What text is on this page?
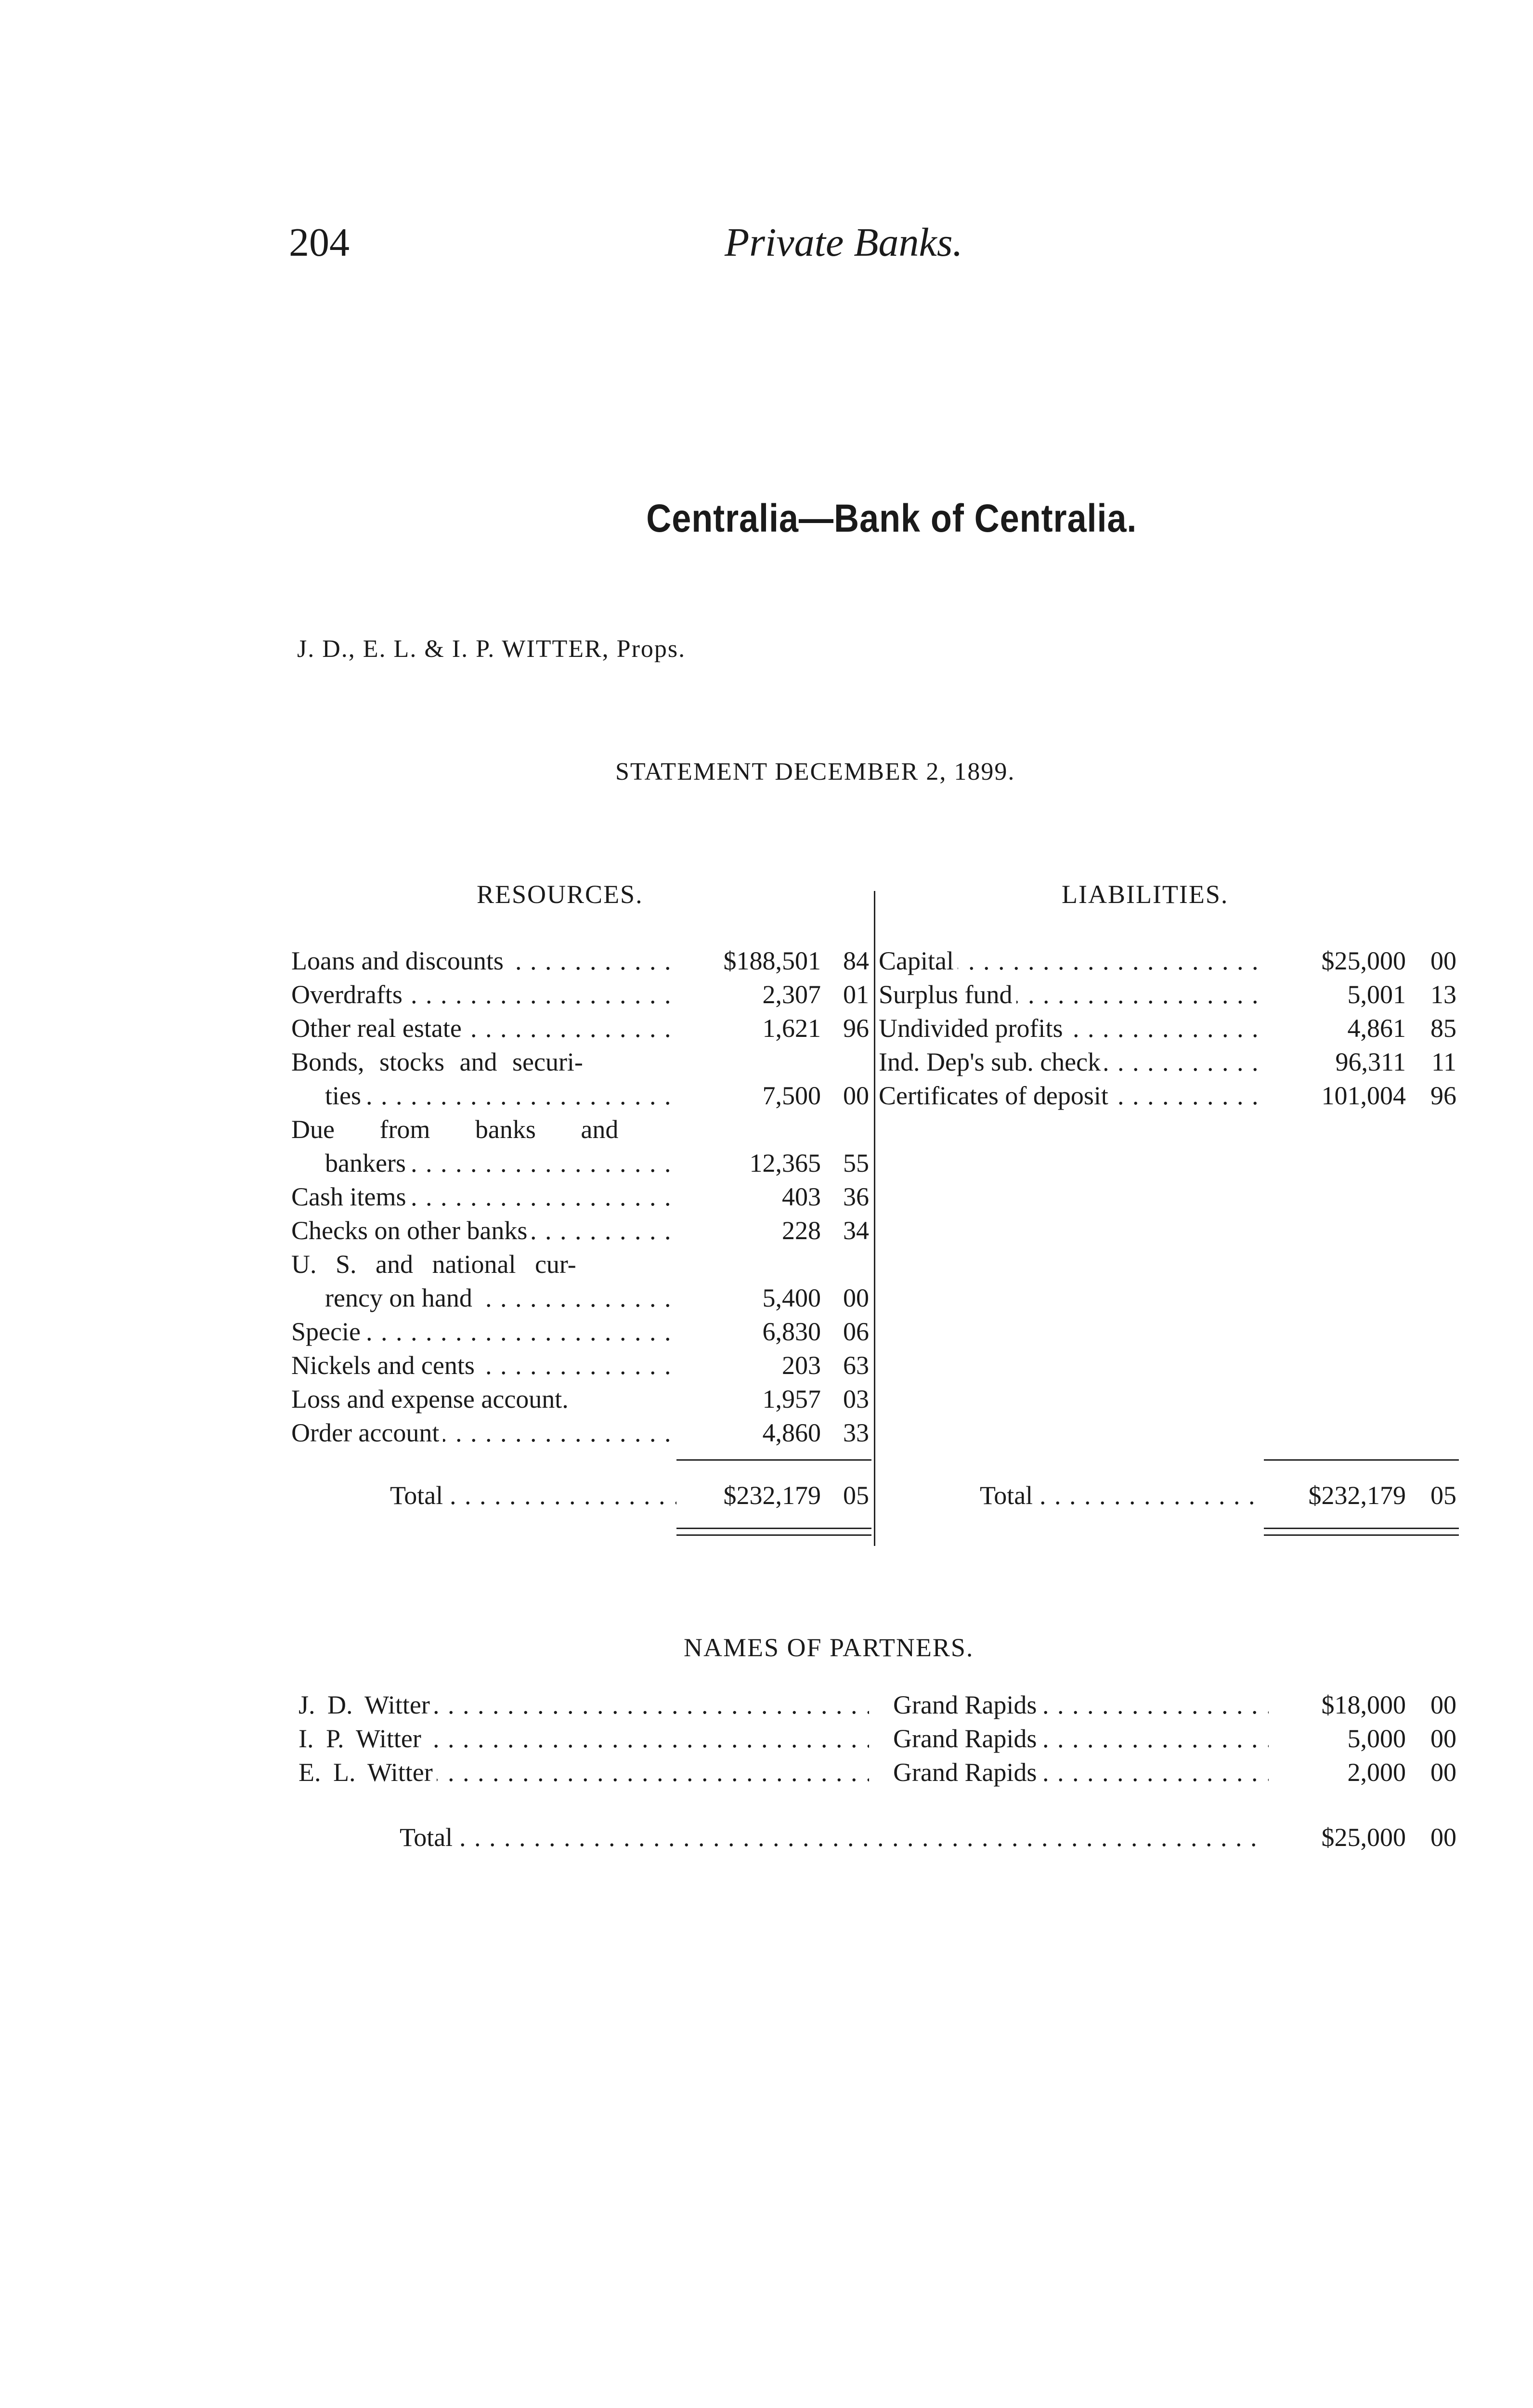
204	Private Banks.
Centralia—Bank of Centralia.
J. D., E. L. & I. P. WITTER, Props.
STATEMENT DECEMBER 2, 1899.
RESOURCES.	LIABILITIES.
Loans and discounts . . .	$188,501 84
Overdrafts . . .	2,307 01
Other real estate . . .	1,621 96
Bonds, stocks and securi-
ties . . .	7,500 00
Due from banks and
bankers . . .	12,365 55
Cash items . . .	403 36
Checks on other banks . . .	228 34
U. S. and national cur-
rency on hand . . .	5,400 00
Specie . . .	6,830 06
Nickels and cents . . .	203 63
Loss and expense account.	1,957 03
Order account . . .	4,860 33
Total . . .	$232,179 05
Capital . . .	$25,000 00
Surplus fund . . .	5,001 13
Undivided profits . . .	4,861 85
Ind. Dep's sub. check . . .	96,311 11
Certificates of deposit . . .	101,004 96
Total . . .	$232,179 05
NAMES OF PARTNERS.
J. D. Witter . . .	Grand Rapids . . .	$18,000 00
I. P. Witter . . .	Grand Rapids . . .	5,000 00
E. L. Witter . . .	Grand Rapids . . .	2,000 00
Total . . .	$25,000 00
